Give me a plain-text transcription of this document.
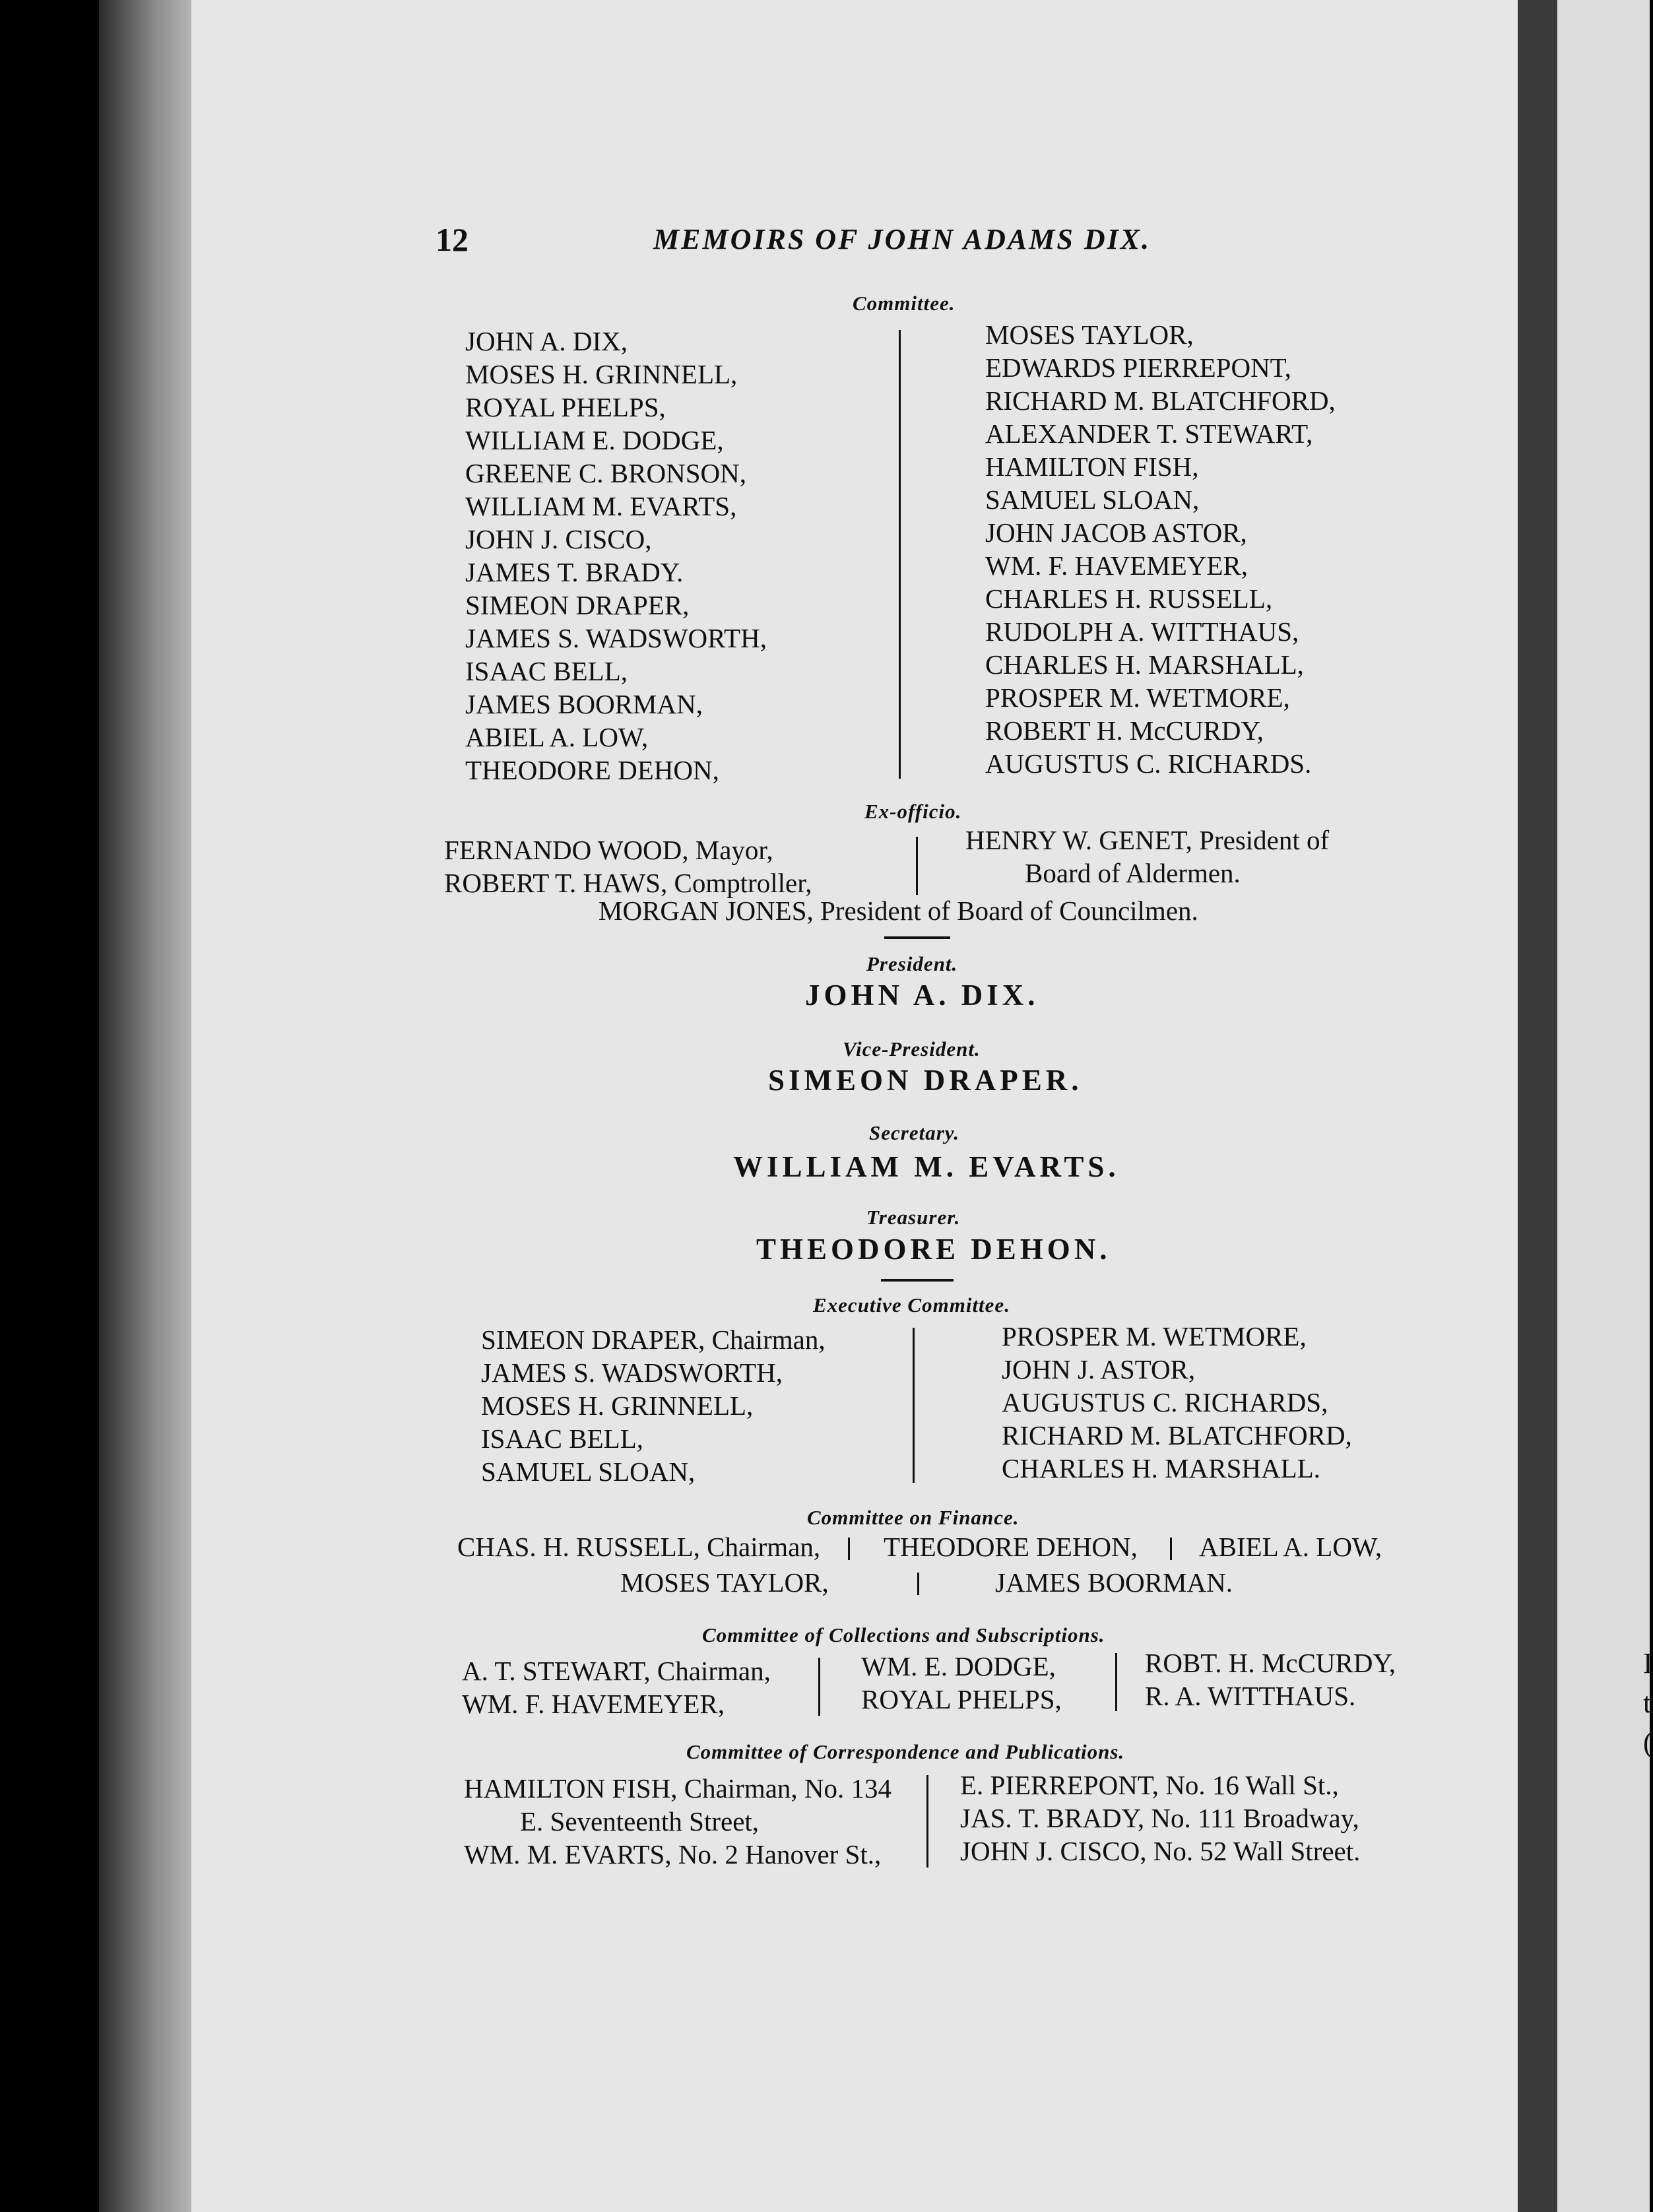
I
t
(
12	MEMOIRS OF JOHN ADAMS DIX.
Committee.
JOHN A. DIX,
MOSES H. GRINNELL,
ROYAL PHELPS,
WILLIAM E. DODGE,
GREENE C. BRONSON,
WILLIAM M. EVARTS,
JOHN J. CISCO,
JAMES T. BRADY.
SIMEON DRAPER,
JAMES S. WADSWORTH,
ISAAC BELL,
JAMES BOORMAN,
ABIEL A. LOW,
THEODORE DEHON,
MOSES TAYLOR,
EDWARDS PIERREPONT,
RICHARD M. BLATCHFORD,
ALEXANDER T. STEWART,
HAMILTON FISH,
SAMUEL SLOAN,
JOHN JACOB ASTOR,
WM. F. HAVEMEYER,
CHARLES H. RUSSELL,
RUDOLPH A. WITTHAUS,
CHARLES H. MARSHALL,
PROSPER M. WETMORE,
ROBERT H. McCURDY,
AUGUSTUS C. RICHARDS.
Ex-officio.
FERNANDO WOOD, Mayor,
ROBERT T. HAWS, Comptroller,
HENRY W. GENET, President of
Board of Aldermen.
MORGAN JONES, President of Board of Councilmen.
President.
JOHN A. DIX.
Vice-President.
SIMEON DRAPER.
Secretary.
WILLIAM M. EVARTS.
Treasurer.
THEODORE DEHON.
Executive Committee.
SIMEON DRAPER, Chairman,
JAMES S. WADSWORTH,
MOSES H. GRINNELL,
ISAAC BELL,
SAMUEL SLOAN,
PROSPER M. WETMORE,
JOHN J. ASTOR,
AUGUSTUS C. RICHARDS,
RICHARD M. BLATCHFORD,
CHARLES H. MARSHALL.
Committee on Finance.
CHAS. H. RUSSELL, Chairman, THEODORE DEHON, ABIEL A. LOW,
MOSES TAYLOR,	JAMES BOORMAN.
Committee of Collections and Subscriptions.
A. T. STEWART, Chairman,
WM. F. HAVEMEYER,
WM. E. DODGE,
ROYAL PHELPS,
ROBT. H. McCURDY,
R. A. WITTHAUS.
Committee of Correspondence and Publications.
HAMILTON FISH, Chairman, No. 134
E. Seventeenth Street,
WM. M. EVARTS, No. 2 Hanover St.,
E. PIERREPONT, No. 16 Wall St.,
JAS. T. BRADY, No. 111 Broadway,
JOHN J. CISCO, No. 52 Wall Street.
